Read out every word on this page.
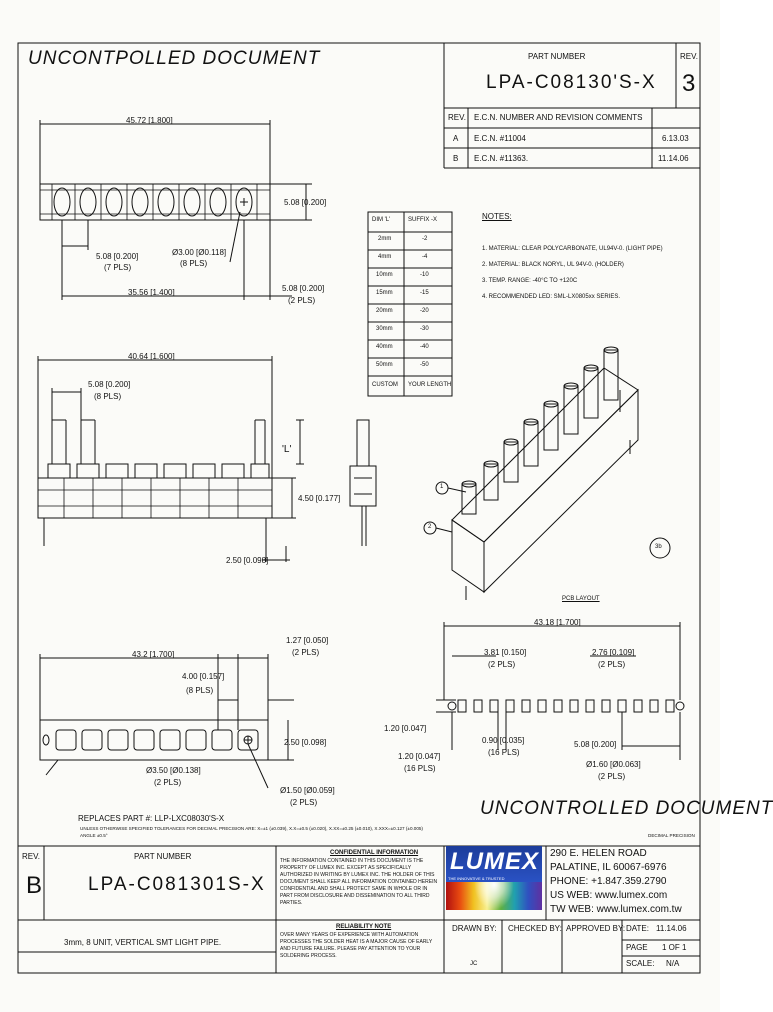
UNCONTPOLLED DOCUMENT	PART NUMBER
LPA-C08130'S-X
REV.
3
REV. E.C.N. NUMBER AND REVISION COMMENTS
A E.C.N. #11004	6.13.03
B E.C.N. #11363.	11.14.06
45.72 [1.800]
5.08 [0.200]
5.08 [0.200]
(7 PLS)
Ø3.00 [Ø0.118]
(8 PLS)
35.56 [1.400]	5.08 [0.200]
(2 PLS)
DIM 'L'	SUFFIX -X
2mm	-2
4mm	-4
10mm	-10
15mm	-15
20mm	-20
30mm	-30
40mm	-40
50mm	-50
CUSTOM YOUR LENGTH
NOTES:
1. MATERIAL: CLEAR POLYCARBONATE, UL94V-0. (LIGHT PIPE)
2. MATERIAL: BLACK NORYL, UL 94V-0. (HOLDER)
3. TEMP. RANGE: -40°C TO +120C
4. RECOMMENDED LED: SML-LX0805xx SERIES.
40.64 [1.600]
5.08 [0.200]
(8 PLS)
'L'
4.50 [0.177]
2.50 [0.098]
1
2
3b
43.2 [1.700]
4.00 [0.157]
(8 PLS)
1.27 [0.050]
(2 PLS)
2.50 [0.098]
Ø3.50 [Ø0.138]
(2 PLS)
Ø1.50 [Ø0.059]
(2 PLS)
PCB LAYOUT
43.18 [1.700]
3.81 [0.150]
(2 PLS)
2.76 [0.109]
(2 PLS)
1.20 [0.047]
0.90 [0.035]
(16 PLS)
1.20 [0.047]
(16 PLS)
5.08 [0.200]
Ø1.60 [Ø0.063]
(2 PLS)
UNCONTROLLED DOCUMENT
REPLACES PART #: LLP-LXC08030'S-X
UNLESS OTHERWISE SPECIFIED TOLERANCES FOR DECIMAL PRECISION ARE: X=±1 (±0.039), X.X=±0.5 (±0.020), X.XX=±0.25 (±0.010), X.XXX=±0.127 (±0.005)
ANGLE ±0.5°	DECIMAL PRECISION
REV.
B
PART NUMBER
LPA-C081301S-X
3mm, 8 UNIT, VERTICAL SMT LIGHT PIPE.
CONFIDENTIAL INFORMATION
THE INFORMATION CONTAINED IN THIS DOCUMENT IS THE PROPERTY OF LUMEX INC. EXCEPT AS SPECIFICALLY AUTHORIZED IN WRITING BY LUMEX INC. THE HOLDER OF THIS DOCUMENT SHALL KEEP ALL INFORMATION CONTAINED HEREIN CONFIDENTIAL AND SHALL PROTECT SAME IN WHOLE OR IN PART FROM DISCLOSURE AND DISSEMINATION TO ALL THIRD PARTIES.
RELIABILITY NOTE
OVER MANY YEARS OF EXPERIENCE WITH AUTOMATION PROCESSES THE SOLDER HEAT IS A MAJOR CAUSE OF EARLY AND FUTURE FAILURE. PLEASE PAY ATTENTION TO YOUR SOLDERING PROCESS.
LUMEX
THE INNOVATIVE & TRUSTED
290 E. HELEN ROAD
PALATINE, IL 60067-6976
PHONE: +1.847.359.2790
US WEB: www.lumex.com
TW WEB: www.lumex.com.tw
DRAWN BY:
JC
CHECKED BY: APPROVED BY: DATE: 11.14.06
PAGE 1 OF 1
SCALE: N/A
